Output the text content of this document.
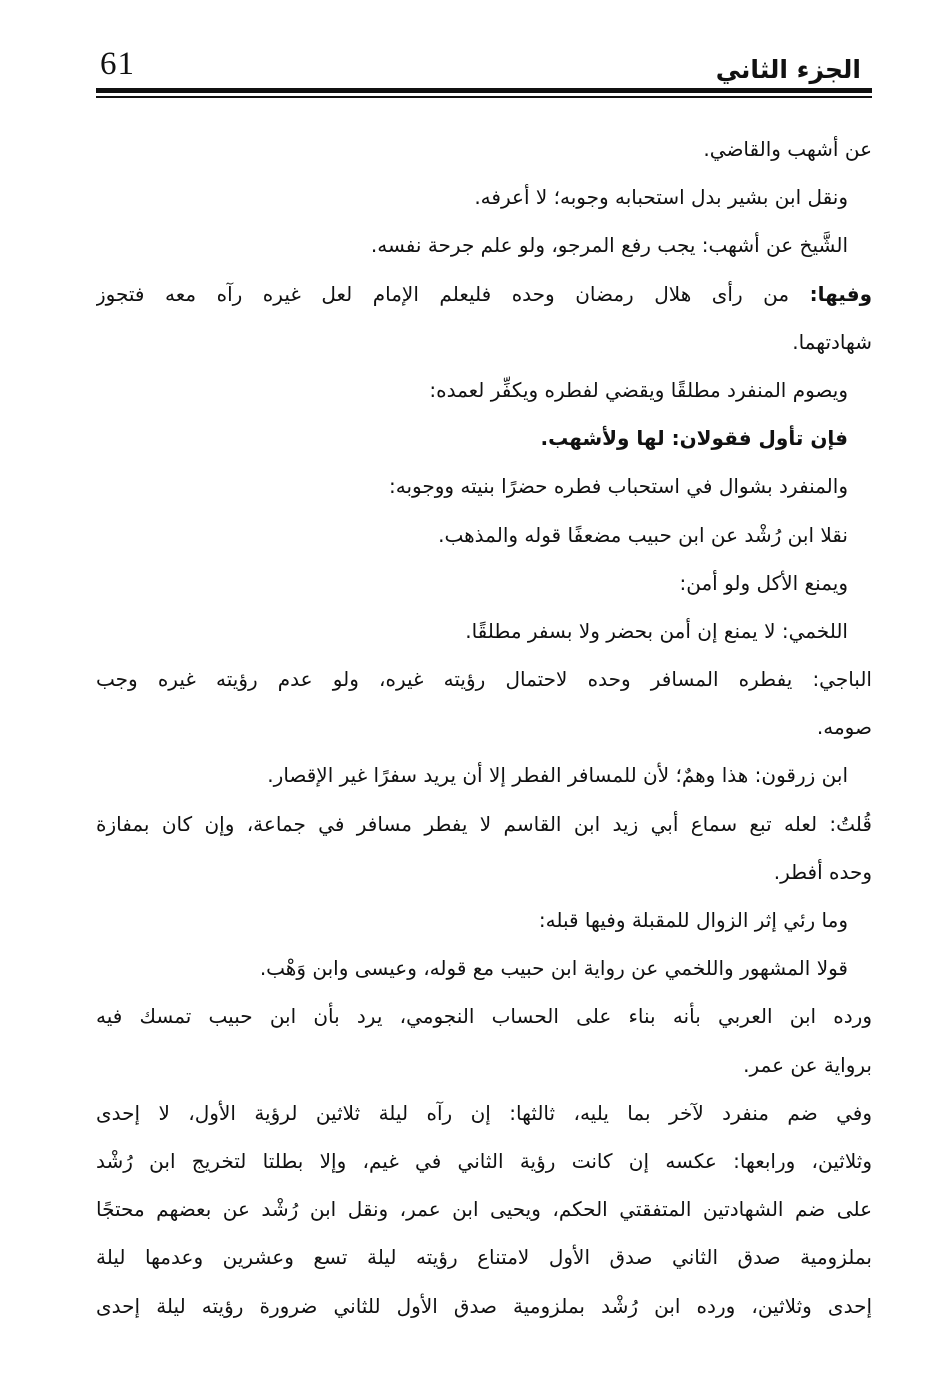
61	الجزء الثاني
عن أشهب والقاضي.
ونقل ابن بشير بدل استحبابه وجوبه؛ لا أعرفه.
الشَّيخ عن أشهب: يجب رفع المرجو، ولو علم جرحة نفسه.
وفيها: من رأى هلال رمضان وحده فليعلم الإمام لعل غيره رآه معه فتجوز
شهادتهما.
ويصوم المنفرد مطلقًا ويقضي لفطره ويكفِّر لعمده:
فإن تأول فقولان: لها ولأشهب.
والمنفرد بشوال في استحباب فطره حضرًا بنيته ووجوبه:
نقلا ابن رُشْد عن ابن حبيب مضعفًا قوله والمذهب.
ويمنع الأكل ولو أمن:
اللخمي: لا يمنع إن أمن بحضر ولا بسفر مطلقًا.
الباجي: يفطره المسافر وحده لاحتمال رؤيته غيره، ولو عدم رؤيته غيره وجب
صومه.
ابن زرقون: هذا وهمٌ؛ لأن للمسافر الفطر إلا أن يريد سفرًا غير الإقصار.
قُلتُ: لعله تبع سماع أبي زيد ابن القاسم لا يفطر مسافر في جماعة، وإن كان بمفازة
وحده أفطر.
وما رئي إثر الزوال للمقبلة وفيها قبله:
قولا المشهور واللخمي عن رواية ابن حبيب مع قوله، وعيسى وابن وَهْب.
ورده ابن العربي بأنه بناء على الحساب النجومي، يرد بأن ابن حبيب تمسك فيه
برواية عن عمر.
وفي ضم منفرد لآخر بما يليه، ثالثها: إن رآه ليلة ثلاثين لرؤية الأول، لا إحدى
وثلاثين، ورابعها: عكسه إن كانت رؤية الثاني في غيم، وإلا بطلتا لتخريج ابن رُشْد
على ضم الشهادتين المتفقتي الحكم، ويحيى ابن عمر، ونقل ابن رُشْد عن بعضهم محتجًا
بملزومية صدق الثاني صدق الأول لامتناع رؤيته ليلة تسع وعشرين وعدمها ليلة
إحدى وثلاثين، ورده ابن رُشْد بملزومية صدق الأول للثاني ضرورة رؤيته ليلة إحدى
